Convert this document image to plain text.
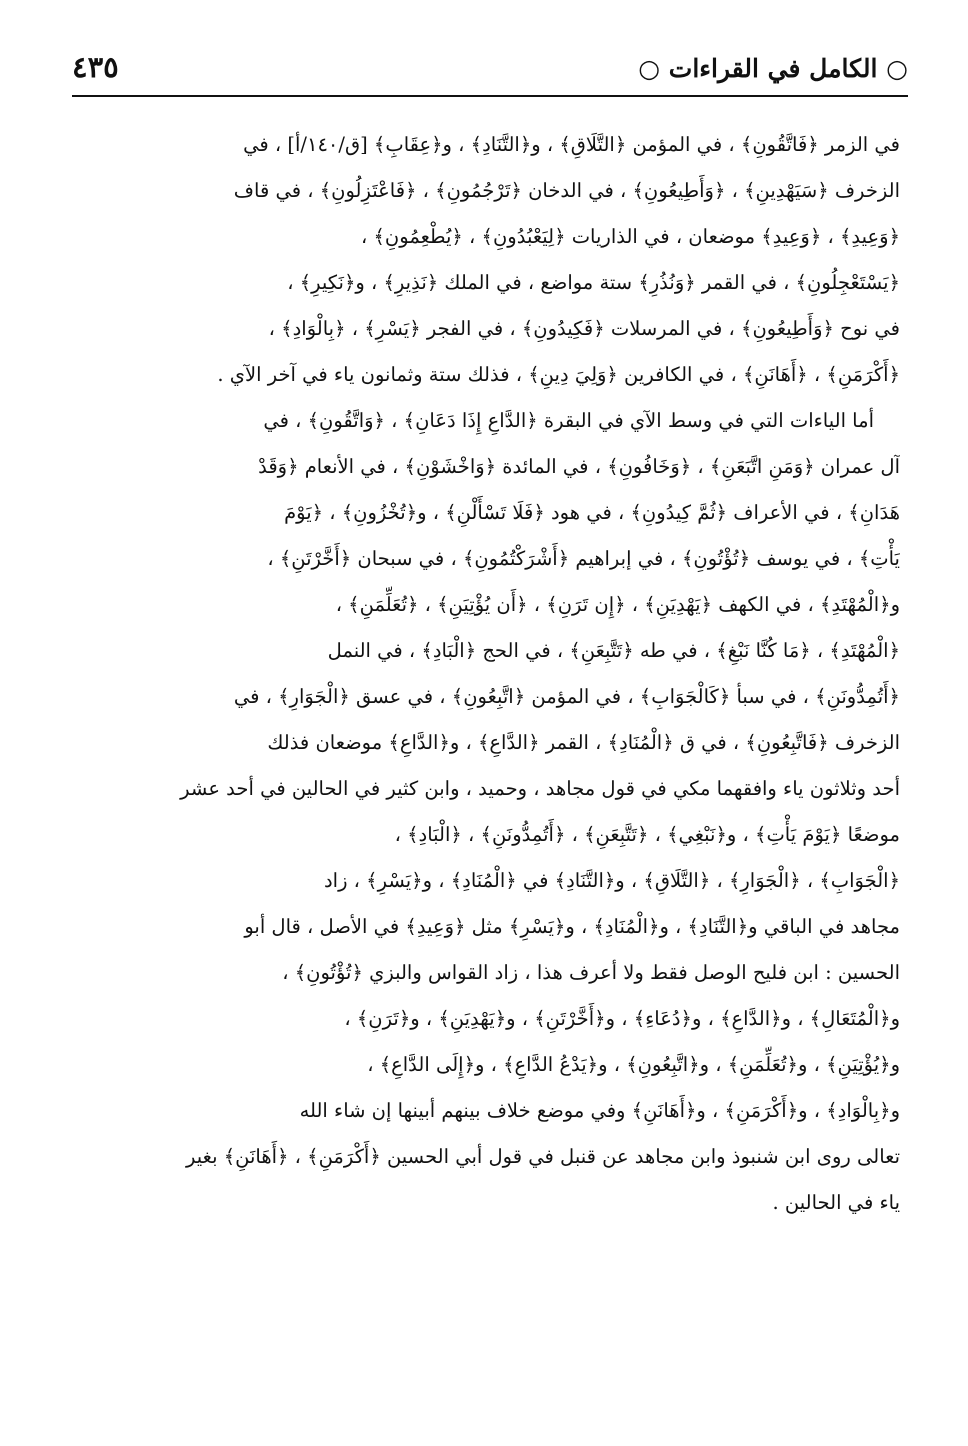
○ الكامل في القراءات ○
٤٣٥
في الزمر ﴿فَاتَّقُونِ﴾ ، في المؤمن ﴿التَّلَاقِ﴾ ، و﴿التَّنَادِ﴾ ، و﴿عِقَابِ﴾ [ق/١٤٠/أ] ، في
الزخرف ﴿سَيَهْدِينِ﴾ ، ﴿وَأَطِيعُونِ﴾ ، في الدخان ﴿تَرْجُمُونِ﴾ ، ﴿فَاعْتَزِلُونِ﴾ ، في قاف
﴿وَعِيدِ﴾ ، ﴿وَعِيدِ﴾ موضعان ، في الذاريات ﴿لِيَعْبُدُونِ﴾ ، ﴿يُطْعِمُونِ﴾ ،
﴿يَسْتَعْجِلُونِ﴾ ، في القمر ﴿وَنُذُرِ﴾ ستة مواضع ، في الملك ﴿نَذِيرِ﴾ ، و﴿نَكِيرِ﴾ ،
في نوح ﴿وَأَطِيعُونِ﴾ ، في المرسلات ﴿فَكِيدُونِ﴾ ، في الفجر ﴿يَسْرِ﴾ ، ﴿بِالْوَادِ﴾ ،
﴿أَكْرَمَنِ﴾ ، ﴿أَهَانَنِ﴾ ، في الكافرين ﴿وَلِيَ دِينِ﴾ ، فذلك ستة وثمانون ياء في آخر الآي .
أما الياءات التي في وسط الآي في البقرة ﴿الدَّاعِ إِذَا دَعَانِ﴾ ، ﴿وَاتَّقُونِ﴾ ، في
آل عمران ﴿وَمَنِ اتَّبَعَنِ﴾ ، ﴿وَخَافُونِ﴾ ، في المائدة ﴿وَاخْشَوْنِ﴾ ، في الأنعام ﴿وَقَدْ
هَدَانِ﴾ ، في الأعراف ﴿ثُمَّ كِيدُونِ﴾ ، في هود ﴿فَلَا تَسْأَلْنِ﴾ ، و﴿تُخْزُونِ﴾ ، ﴿يَوْمَ
يَأْتِ﴾ ، في يوسف ﴿تُؤْتُونِ﴾ ، في إبراهيم ﴿أَشْرَكْتُمُونِ﴾ ، في سبحان ﴿أَخَّرْتَنِ﴾ ،
و﴿الْمُهْتَدِ﴾ ، في الكهف ﴿يَهْدِيَنِ﴾ ، ﴿إِن تَرَنِ﴾ ، ﴿أَن يُؤْتِيَنِ﴾ ، ﴿تُعَلِّمَنِ﴾ ،
﴿الْمُهْتَدِ﴾ ، ﴿مَا كُنَّا نَبْغِ﴾ ، في طه ﴿تَتَّبِعَنِ﴾ ، في الحج ﴿الْبَادِ﴾ ، في النمل
﴿أَتُمِدُّونَنِ﴾ ، في سبأ ﴿كَالْجَوَابِ﴾ ، في المؤمن ﴿اتَّبِعُونِ﴾ ، في عسق ﴿الْجَوَارِ﴾ ، في
الزخرف ﴿فَاتَّبِعُونِ﴾ ، في ق ﴿الْمُنَادِ﴾ ، القمر ﴿الدَّاعِ﴾ ، و﴿الدَّاعِ﴾ موضعان فذلك
أحد وثلاثون ياء وافقهما مكي في قول مجاهد ، وحميد ، وابن كثير في الحالين في أحد عشر
موضعًا ﴿يَوْمَ يَأْتِ﴾ ، و﴿نَبْغِي﴾ ، ﴿تَتَّبِعَنِ﴾ ، ﴿أَتُمِدُّونَنِ﴾ ، ﴿الْبَادِ﴾ ،
﴿الْجَوَابِ﴾ ، ﴿الْجَوَارِ﴾ ، ﴿التَّلَاقِ﴾ ، و﴿التَّنَادِ﴾ في ﴿الْمُنَادِ﴾ ، و﴿يَسْرِ﴾ ، زاد
مجاهد في الباقي و﴿التَّنَادِ﴾ ، و﴿الْمُنَادِ﴾ ، و﴿يَسْرِ﴾ مثل ﴿وَعِيدِ﴾ في الأصل ، قال أبو
الحسين : ابن فليح الوصل فقط ولا أعرف هذا ، زاد القواس والبزي ﴿تُؤْتُونِ﴾ ،
و﴿الْمُتَعَالِ﴾ ، و﴿الدَّاعِ﴾ ، و﴿دُعَاءِ﴾ ، و﴿أَخَّرْتَنِ﴾ ، و﴿يَهْدِيَنِ﴾ ، و﴿تَرَنِ﴾ ،
و﴿يُؤْتِيَنِ﴾ ، و﴿تُعَلِّمَنِ﴾ ، و﴿اتَّبِعُونِ﴾ ، و﴿يَدْعُ الدَّاعِ﴾ ، و﴿إِلَى الدَّاعِ﴾ ،
و﴿بِالْوَادِ﴾ ، و﴿أَكْرَمَنِ﴾ ، و﴿أَهَانَنِ﴾ وفي موضع خلاف بينهم أبينها إن شاء الله
تعالى روى ابن شنبوذ وابن مجاهد عن قنبل في قول أبي الحسين ﴿أَكْرَمَنِ﴾ ، ﴿أَهَانَنِ﴾ بغير
ياء في الحالين .
